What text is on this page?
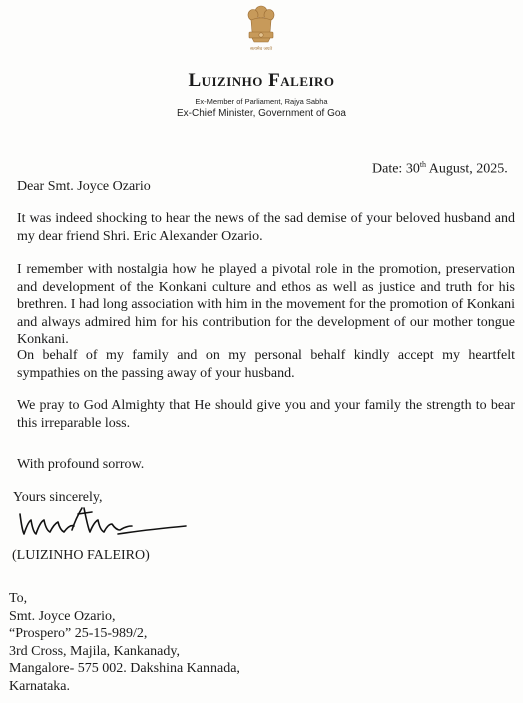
सत्यमेव जयते
Luizinho Faleiro
Ex-Member of Parliament, Rajya Sabha
Ex-Chief Minister, Government of Goa
Date: 30th August, 2025.

Dear Smt. Joyce Ozario

It was indeed shocking to hear the news of the sad demise of your beloved husband and my dear friend Shri. Eric Alexander Ozario.

I remember with nostalgia how he played a pivotal role in the promotion, preservation and development of the Konkani culture and ethos as well as justice and truth for his brethren. I had long association with him in the movement for the promotion of Konkani and always admired him for his contribution for the development of our mother tongue Konkani.

On behalf of my family and on my personal behalf kindly accept my heartfelt sympathies on the passing away of your husband.

We pray to God Almighty that He should give you and your family the strength to bear this irreparable loss.

With profound sorrow.

Yours sincerely,

(LUIZINHO FALEIRO)

To,
Smt. Joyce Ozario,
“Prospero” 25-15-989/2,
3rd Cross, Majila, Kankanady,
Mangalore- 575 002. Dakshina Kannada,
Karnataka.
